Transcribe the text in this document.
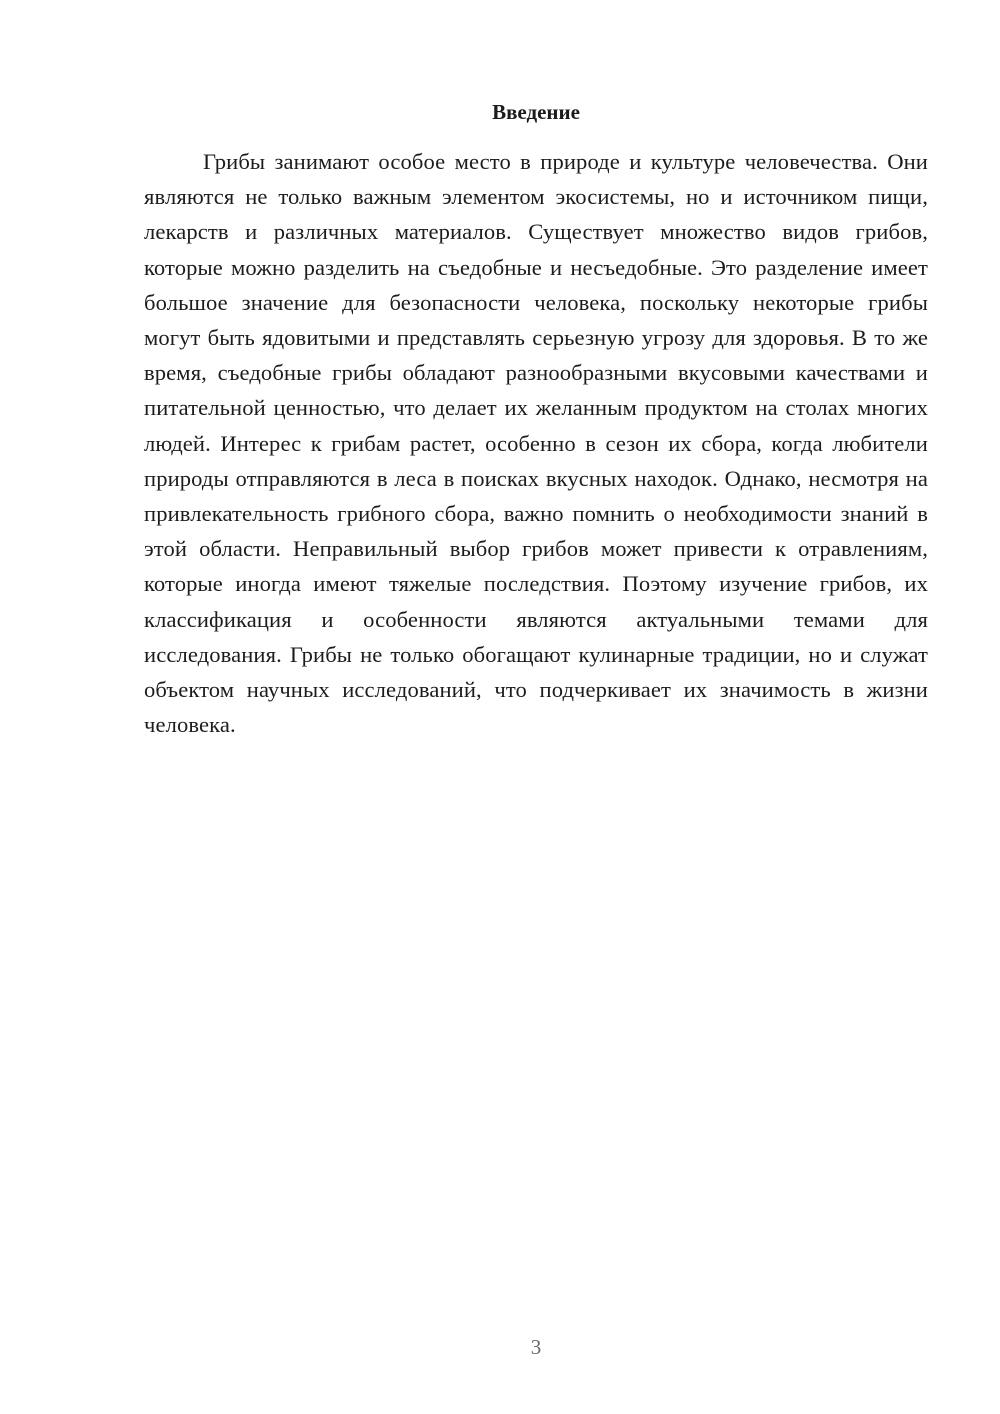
Введение

Грибы занимают особое место в природе и культуре человечества. Они являются не только важным элементом экосистемы, но и источником пищи, лекарств и различных материалов. Существует множество видов грибов, которые можно разделить на съедобные и несъедобные. Это разделение имеет большое значение для безопасности человека, поскольку некоторые грибы могут быть ядовитыми и представлять серьезную угрозу для здоровья. В то же время, съедобные грибы обладают разнообразными вкусовыми качествами и питательной ценностью, что делает их желанным продуктом на столах многих людей. Интерес к грибам растет, особенно в сезон их сбора, когда любители природы отправляются в леса в поисках вкусных находок. Однако, несмотря на привлекательность грибного сбора, важно помнить о необходимости знаний в этой области. Неправильный выбор грибов может привести к отравлениям, которые иногда имеют тяжелые последствия. Поэтому изучение грибов, их классификация и особенности являются актуальными темами для исследования. Грибы не только обогащают кулинарные традиции, но и служат объектом научных исследований, что подчеркивает их значимость в жизни человека.

3
